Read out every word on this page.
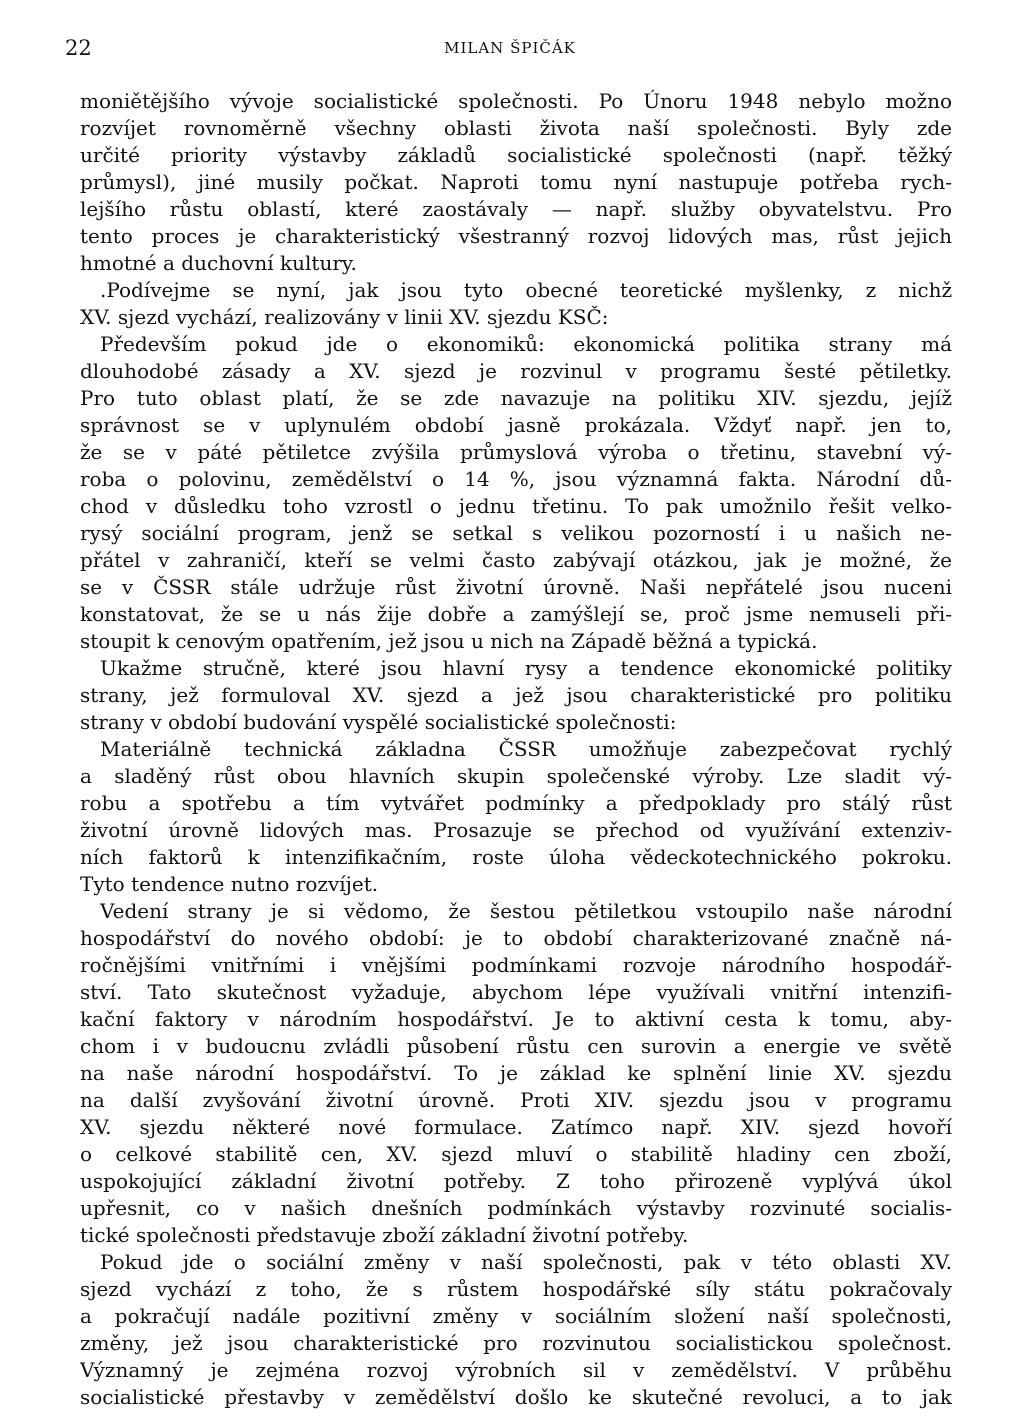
22	MILAN ŠPIČÁK
moniětějšího vývoje socialistické společnosti. Po Únoru 1948 nebylo možno
rozvíjet rovnoměrně všechny oblasti života naší společnosti. Byly zde
určité priority výstavby základů socialistické společnosti (např. těžký
průmysl), jiné musily počkat. Naproti tomu nyní nastupuje potřeba rych-
lejšího růstu oblastí, které zaostávaly — např. služby obyvatelstvu. Pro
tento proces je charakteristický všestranný rozvoj lidových mas, růst jejich
hmotné a duchovní kultury.
.Podívejme se nyní, jak jsou tyto obecné teoretické myšlenky, z nichž
XV. sjezd vychází, realizovány v linii XV. sjezdu KSČ:
Především pokud jde o ekonomiků: ekonomická politika strany má
dlouhodobé zásady a XV. sjezd je rozvinul v programu šesté pětiletky.
Pro tuto oblast platí, že se zde navazuje na politiku XIV. sjezdu, jejíž
správnost se v uplynulém období jasně prokázala. Vždyť např. jen to,
že se v páté pětiletce zvýšila průmyslová výroba o třetinu, stavební vý-
roba o polovinu, zemědělství o 14 %, jsou významná fakta. Národní dů-
chod v důsledku toho vzrostl o jednu třetinu. To pak umožnilo řešit velko-
rysý sociální program, jenž se setkal s velikou pozorností i u našich ne-
přátel v zahraničí, kteří se velmi často zabývají otázkou, jak je možné, že
se v ČSSR stále udržuje růst životní úrovně. Naši nepřátelé jsou nuceni
konstatovat, že se u nás žije dobře a zamýšlejí se, proč jsme nemuseli při-
stoupit k cenovým opatřením, jež jsou u nich na Západě běžná a typická.
Ukažme stručně, které jsou hlavní rysy a tendence ekonomické politiky
strany, jež formuloval XV. sjezd a jež jsou charakteristické pro politiku
strany v období budování vyspělé socialistické společnosti:
Materiálně technická základna ČSSR umožňuje zabezpečovat rychlý
a sladěný růst obou hlavních skupin společenské výroby. Lze sladit vý-
robu a spotřebu a tím vytvářet podmínky a předpoklady pro stálý růst
životní úrovně lidových mas. Prosazuje se přechod od využívání extenziv-
ních faktorů k intenzifikačním, roste úloha vědeckotechnického pokroku.
Tyto tendence nutno rozvíjet.
Vedení strany je si vědomo, že šestou pětiletkou vstoupilo naše národní
hospodářství do nového období: je to období charakterizované značně ná-
ročnějšími vnitřními i vnějšími podmínkami rozvoje národního hospodář-
ství. Tato skutečnost vyžaduje, abychom lépe využívali vnitřní intenzifi-
kační faktory v národním hospodářství. Je to aktivní cesta k tomu, aby-
chom i v budoucnu zvládli působení růstu cen surovin a energie ve světě
na naše národní hospodářství. To je základ ke splnění linie XV. sjezdu
na další zvyšování životní úrovně. Proti XIV. sjezdu jsou v programu
XV. sjezdu některé nové formulace. Zatímco např. XIV. sjezd hovoří
o celkové stabilitě cen, XV. sjezd mluví o stabilitě hladiny cen zboží,
uspokojující základní životní potřeby. Z toho přirozeně vyplývá úkol
upřesnit, co v našich dnešních podmínkách výstavby rozvinuté socialis-
tické společnosti představuje zboží základní životní potřeby.
Pokud jde o sociální změny v naší společnosti, pak v této oblasti XV.
sjezd vychází z toho, že s růstem hospodářské síly státu pokračovaly
a pokračují nadále pozitivní změny v sociálním složení naší společnosti,
změny, jež jsou charakteristické pro rozvinutou socialistickou společnost.
Významný je zejména rozvoj výrobních sil v zemědělství. V průběhu
socialistické přestavby v zemědělství došlo ke skutečné revoluci, a to jak
